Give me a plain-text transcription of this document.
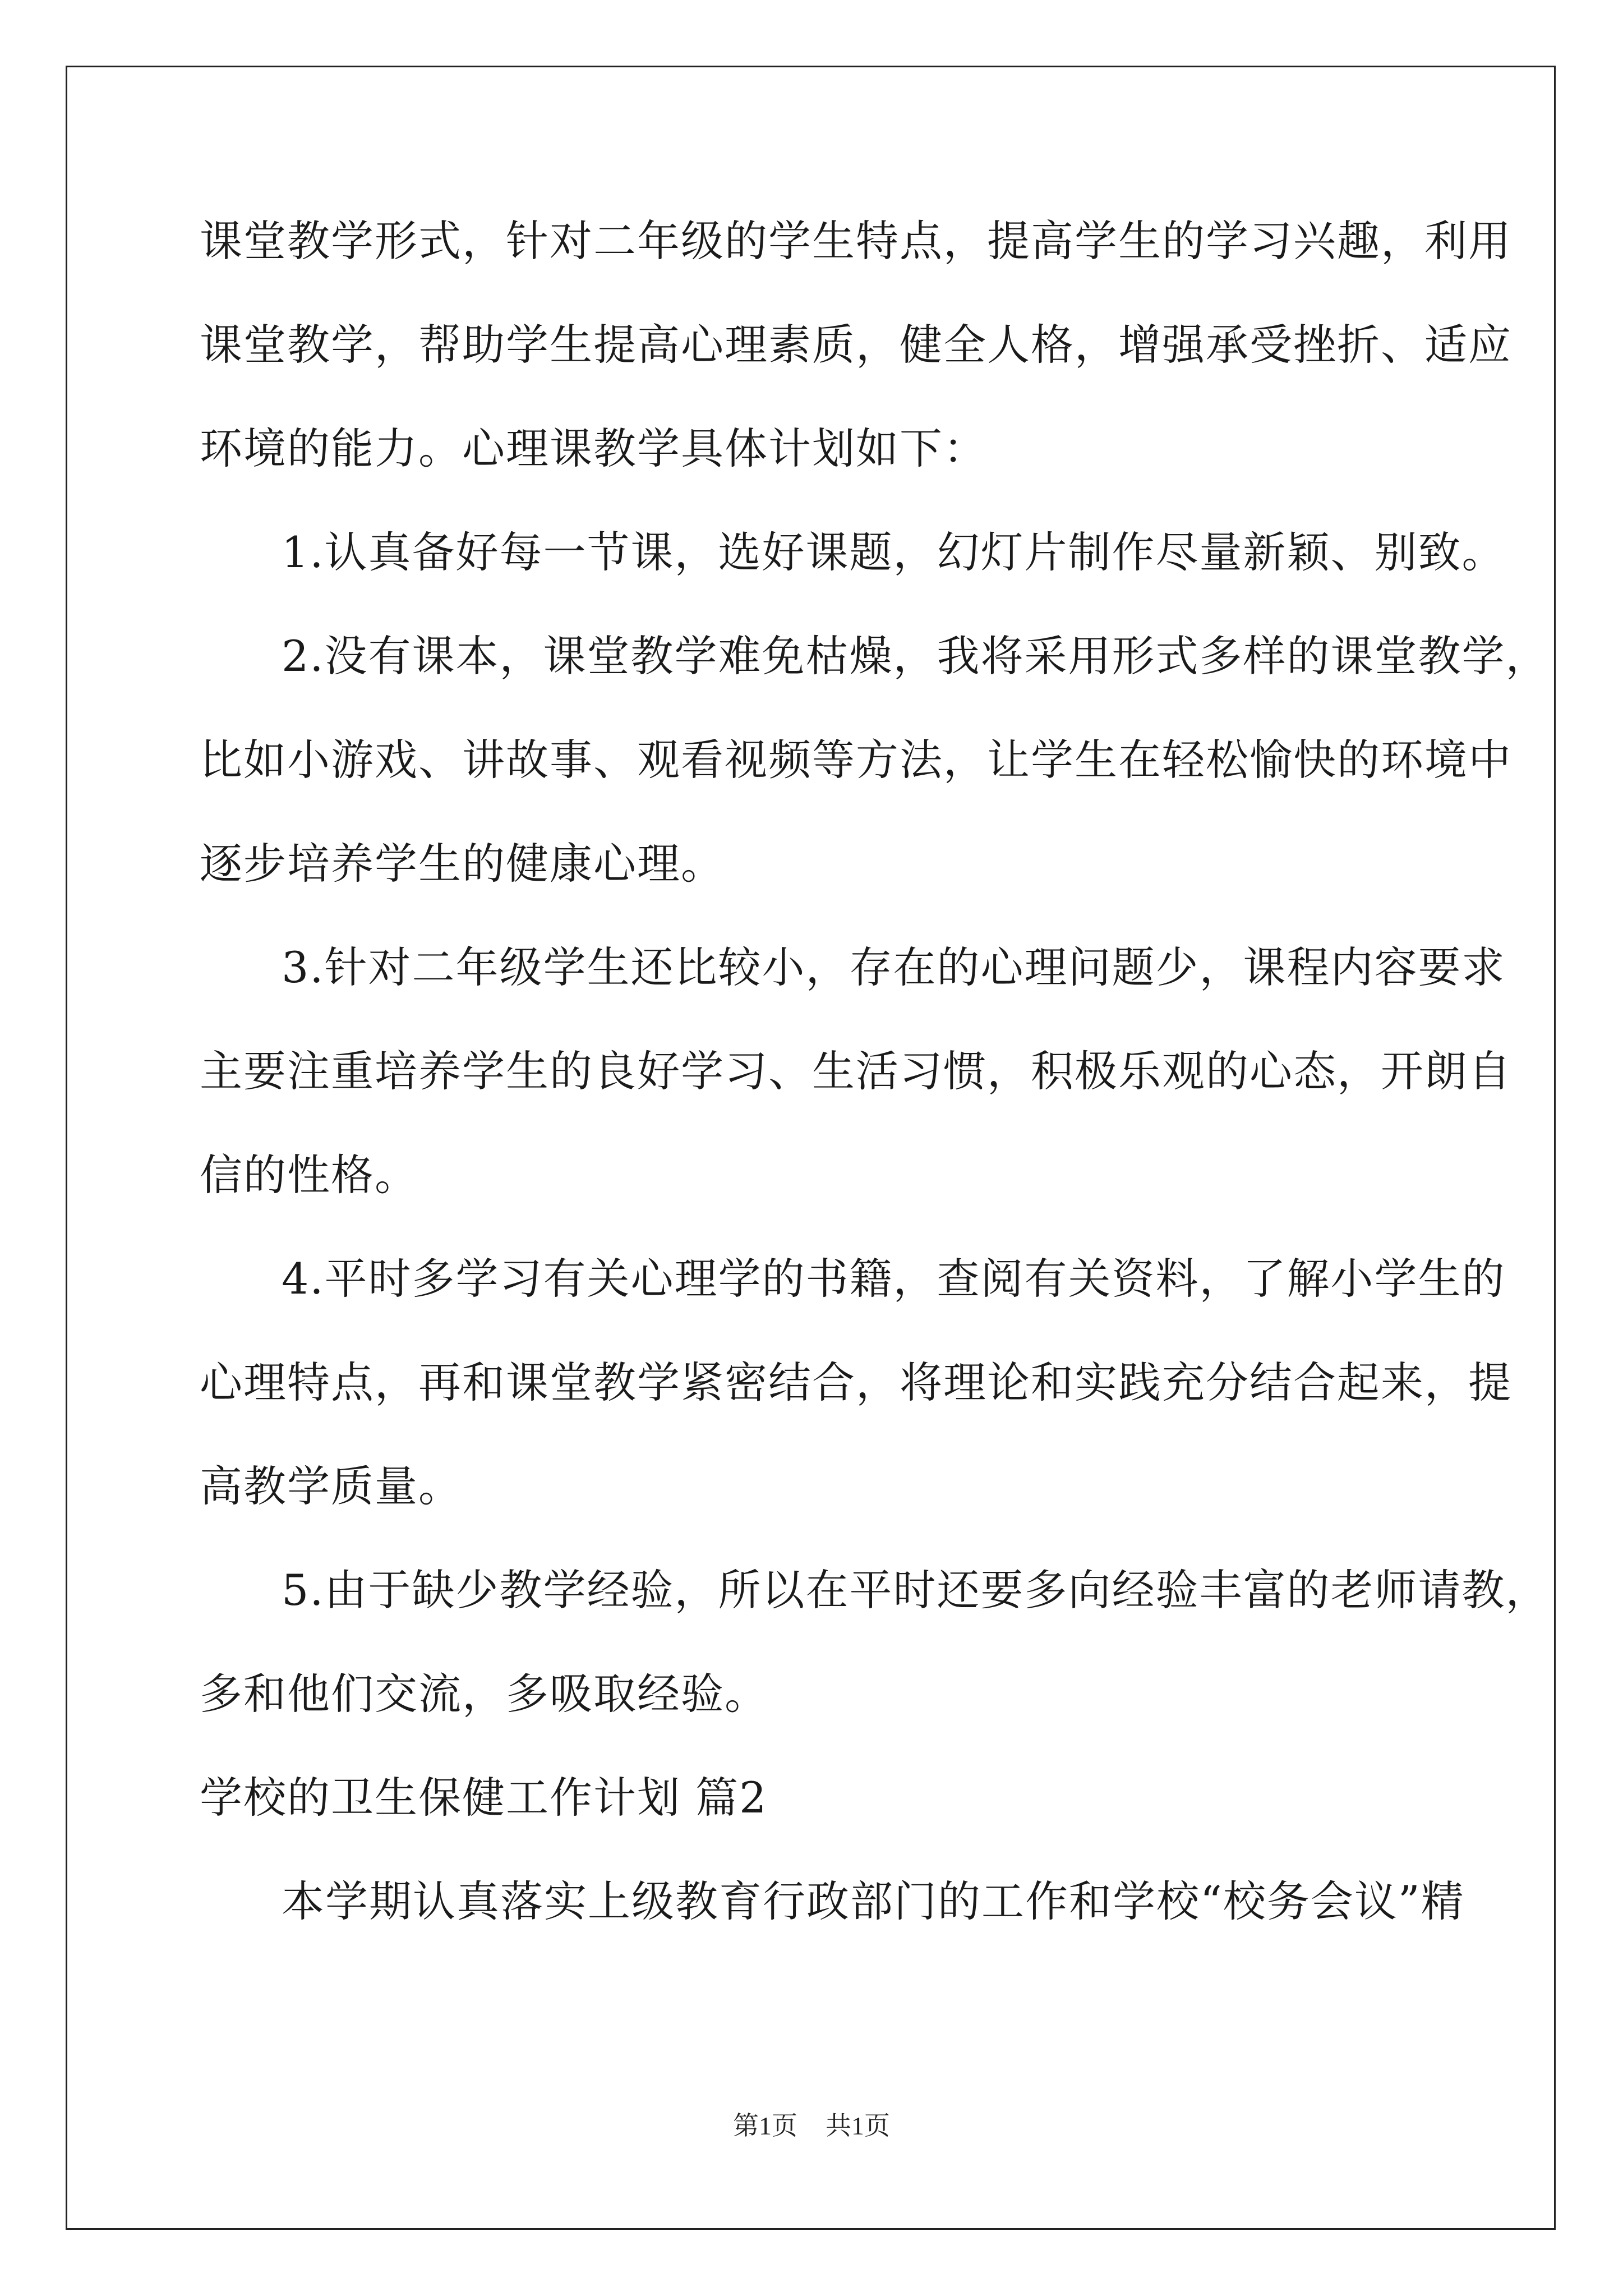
课堂教学形式，针对二年级的学生特点，提高学生的学习兴趣，利用
课堂教学，帮助学生提高心理素质，健全人格，增强承受挫折、适应
环境的能力。心理课教学具体计划如下：
1.认真备好每一节课，选好课题，幻灯片制作尽量新颖、别致。
2.没有课本，课堂教学难免枯燥，我将采用形式多样的课堂教学，
比如小游戏、讲故事、观看视频等方法，让学生在轻松愉快的环境中
逐步培养学生的健康心理。
3.针对二年级学生还比较小，存在的心理问题少，课程内容要求
主要注重培养学生的良好学习、生活习惯，积极乐观的心态，开朗自
信的性格。
4.平时多学习有关心理学的书籍，查阅有关资料，了解小学生的
心理特点，再和课堂教学紧密结合，将理论和实践充分结合起来，提
高教学质量。
5.由于缺少教学经验，所以在平时还要多向经验丰富的老师请教，
多和他们交流，多吸取经验。
学校的卫生保健工作计划 篇2
本学期认真落实上级教育行政部门的工作和学校“校务会议”精
第1页 共1页
